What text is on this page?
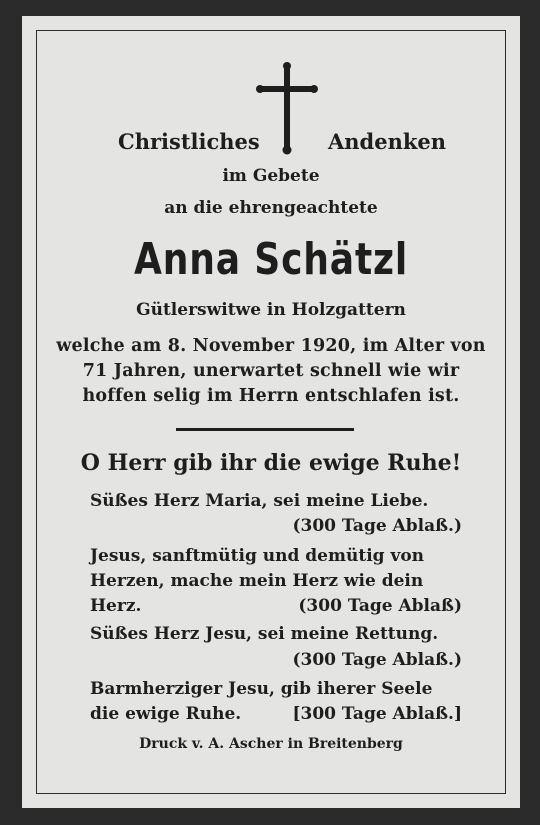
Christliches	Andenken
im Gebete
an die ehrengeachtete
Anna Schätzl
Gütlerswitwe in Holzgattern
welche am 8. November 1920, im Alter von
71 Jahren, unerwartet schnell wie wir
hoffen selig im Herrn entschlafen ist.
O Herr gib ihr die ewige Ruhe!
Süßes Herz Maria, sei meine Liebe.
(300 Tage Ablaß.)
Jesus, sanftmütig und demütig von
Herzen, mache mein Herz wie dein
Herz.	(300 Tage Ablaß)
Süßes Herz Jesu, sei meine Rettung.
(300 Tage Ablaß.)
Barmherziger Jesu, gib iherer Seele
die ewige Ruhe.	[300 Tage Ablaß.]
Druck v. A. Ascher in Breitenberg
